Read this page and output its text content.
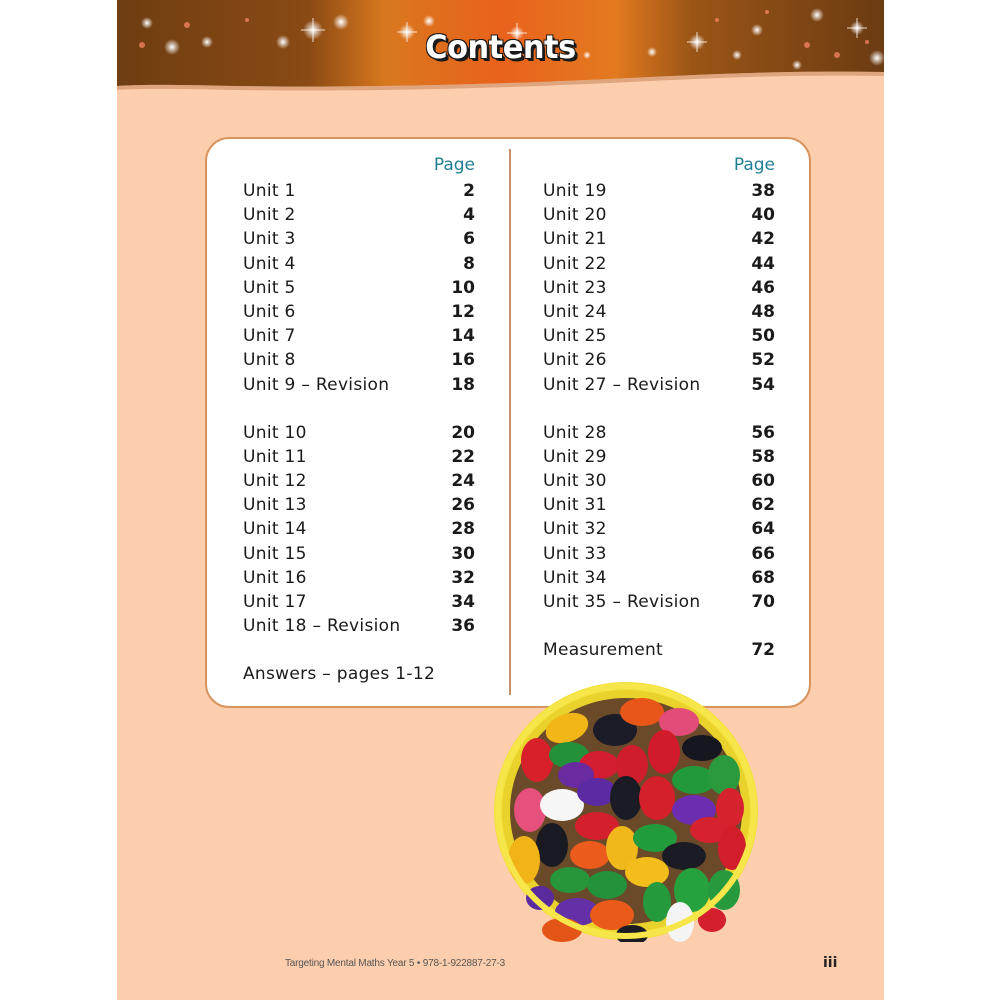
Contents
Page
Unit 1	2
Unit 2	4
Unit 3	6
Unit 4	8
Unit 5	10
Unit 6	12
Unit 7	14
Unit 8	16
Unit 9 – Revision	18
Unit 10	20
Unit 11	22
Unit 12	24
Unit 13	26
Unit 14	28
Unit 15	30
Unit 16	32
Unit 17	34
Unit 18 – Revision	36
Answers – pages 1-12
Page
Unit 19	38
Unit 20	40
Unit 21	42
Unit 22	44
Unit 23	46
Unit 24	48
Unit 25	50
Unit 26	52
Unit 27 – Revision	54
Unit 28	56
Unit 29	58
Unit 30	60
Unit 31	62
Unit 32	64
Unit 33	66
Unit 34	68
Unit 35 – Revision	70
Measurement	72
Targeting Mental Maths Year 5 • 978-1-922887-27-3	iii
